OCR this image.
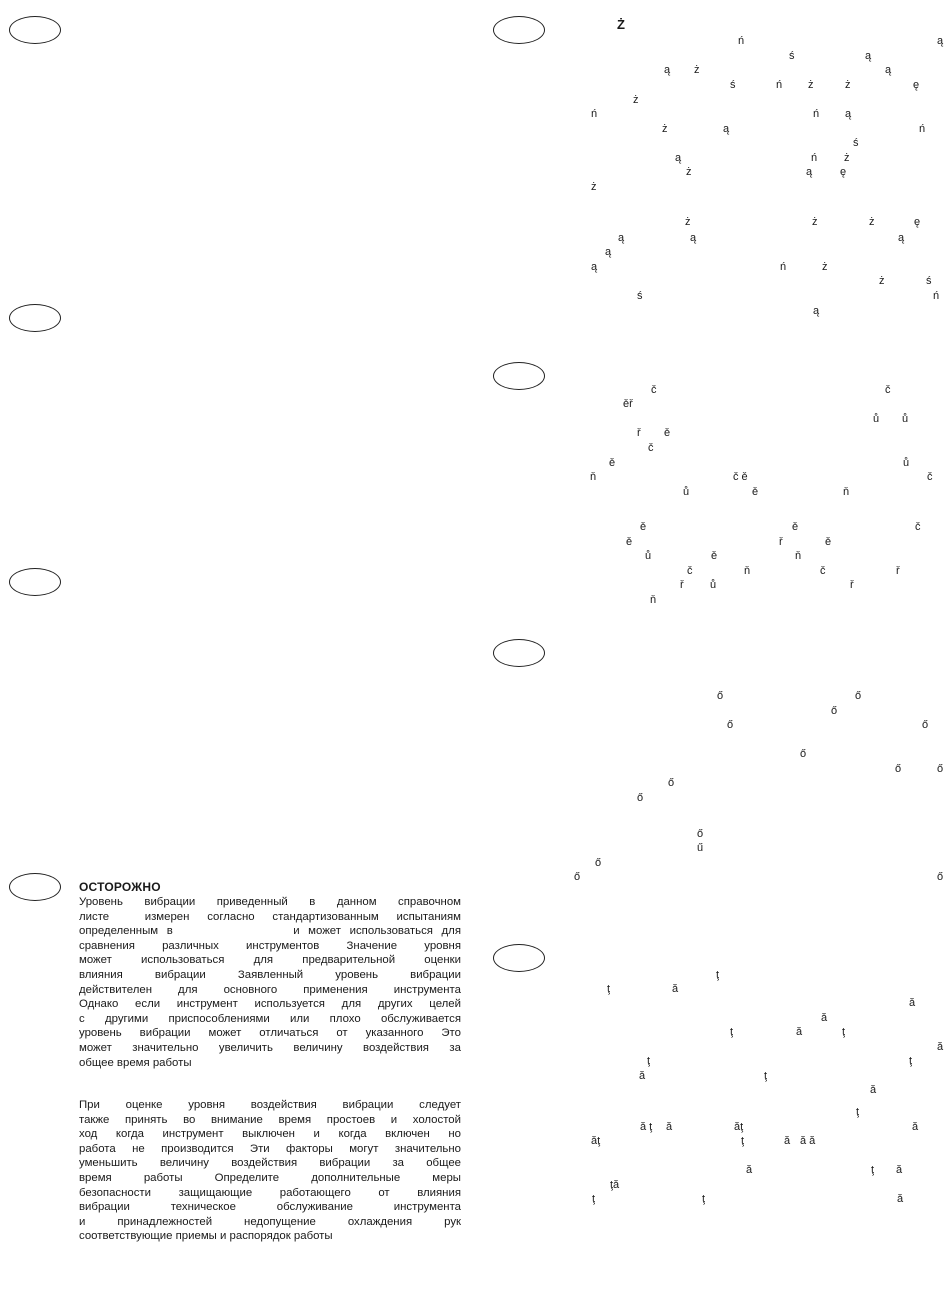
ОСТОРОЖНО
Уровень вибрации приведенный в данном справочном
листе  измерен согласно стандартизованным испытаниям
определенным в              и может использоваться для
сравнения различных инструментов Значение уровня
может использоваться для предварительной оценки
влияния вибрации Заявленный уровень вибрации
действителен для основного применения инструмента
Однако если инструмент используется для других целей
с другими приспособлениями или плохо обслуживается
уровень вибрации может отличаться от указанного Это
может значительно увеличить величину воздействия за
общее время работы
При оценке уровня воздействия вибрации следует
также принять во внимание время простоев и холостой
ход когда инструмент выключен и когда включен но
работа не производится Эти факторы могут значительно
уменьшить величину воздействия вибрации за общее
время работы Определите дополнительные меры
безопасности защищающие работающего от влияния
вибрации техническое обслуживание инструмента
и принадлежностей недопущение охлаждения рук
соответствующие приемы и распорядок работы
Ż
ń	ą
ś	ą
ą
ż
ą
ś	ń ż	ż	ę
ż
ń	ń ą
ż	ą	ń
ś
ą	ń ż
ż	ą	ę
ż
ż	ż	ż	ę
ą	ą	ą
ą
ą	ń	ż
ż	ś
ś	ń
ą
č	č
ěř
ů ů
ř ě
č
ě	ů
ň	č ě	č
ů	ě	ň
ě	ě	č
ě	ř	ě
ů	ě	ň
č	ň	č	ř
ř ů	ř
ň
ő	ő
ő
ő	ő
ő
ő	ő
ő
ő
ő
ű
ő
ő	ő
ţ
ţ	ă
ă
ă
ţ	ă	ţ
ă
ţ	ţ
ă	ţ
ă
ţ
ă ţ ă	ăţ	ă
ăţ	ţ	ă ă ă
ă	ţ ă
ţă
ţ	ţ	ă
